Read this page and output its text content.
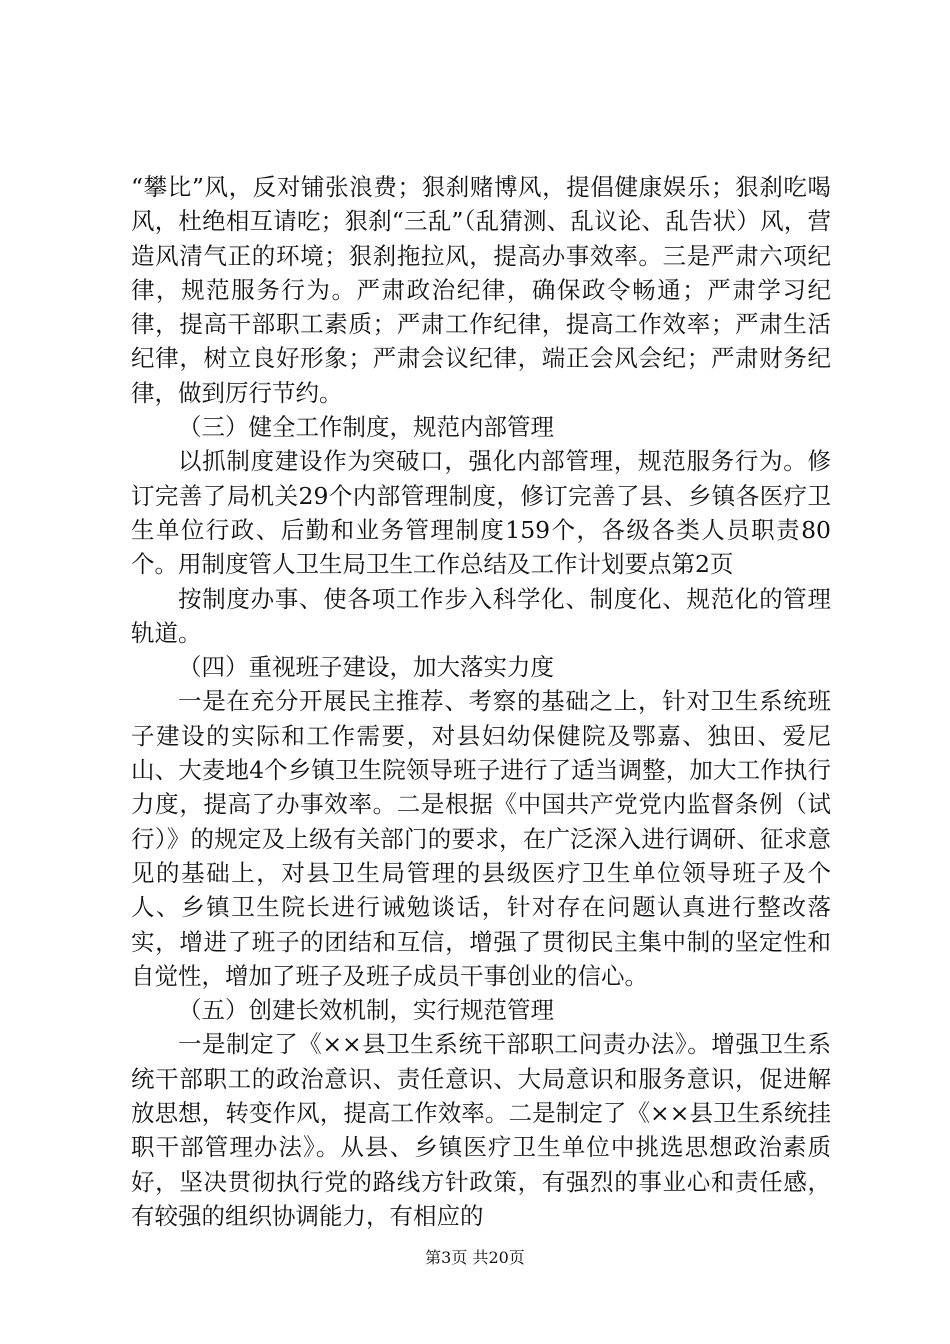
“攀比”风，反对铺张浪费；狠刹赌博风，提倡健康娱乐；狠刹吃喝风，杜绝相互请吃；狠刹“三乱”（乱猜测、乱议论、乱告状）风，营造风清气正的环境；狠刹拖拉风，提高办事效率。三是严肃六项纪律，规范服务行为。严肃政治纪律，确保政令畅通；严肃学习纪律，提高干部职工素质；严肃工作纪律，提高工作效率；严肃生活纪律，树立良好形象；严肃会议纪律，端正会风会纪；严肃财务纪律，做到厉行节约。

（三）健全工作制度，规范内部管理

以抓制度建设作为突破口，强化内部管理，规范服务行为。修订完善了局机关29个内部管理制度，修订完善了县、乡镇各医疗卫生单位行政、后勤和业务管理制度159个，各级各类人员职责80个。用制度管人卫生局卫生工作总结及工作计划要点第2页

按制度办事、使各项工作步入科学化、制度化、规范化的管理轨道。

（四）重视班子建设，加大落实力度

一是在充分开展民主推荐、考察的基础之上，针对卫生系统班子建设的实际和工作需要，对县妇幼保健院及鄂嘉、独田、爱尼山、大麦地4个乡镇卫生院领导班子进行了适当调整，加大工作执行力度，提高了办事效率。二是根据《中国共产党党内监督条例（试行）》的规定及上级有关部门的要求，在广泛深入进行调研、征求意见的基础上，对县卫生局管理的县级医疗卫生单位领导班子及个人、乡镇卫生院长进行诫勉谈话，针对存在问题认真进行整改落实，增进了班子的团结和互信，增强了贯彻民主集中制的坚定性和自觉性，增加了班子及班子成员干事创业的信心。

（五）创建长效机制，实行规范管理

一是制定了《××县卫生系统干部职工问责办法》。增强卫生系统干部职工的政治意识、责任意识、大局意识和服务意识，促进解放思想，转变作风，提高工作效率。二是制定了《××县卫生系统挂职干部管理办法》。从县、乡镇医疗卫生单位中挑选思想政治素质好，坚决贯彻执行党的路线方针政策，有强烈的事业心和责任感，有较强的组织协调能力，有相应的

第3页 共20页
